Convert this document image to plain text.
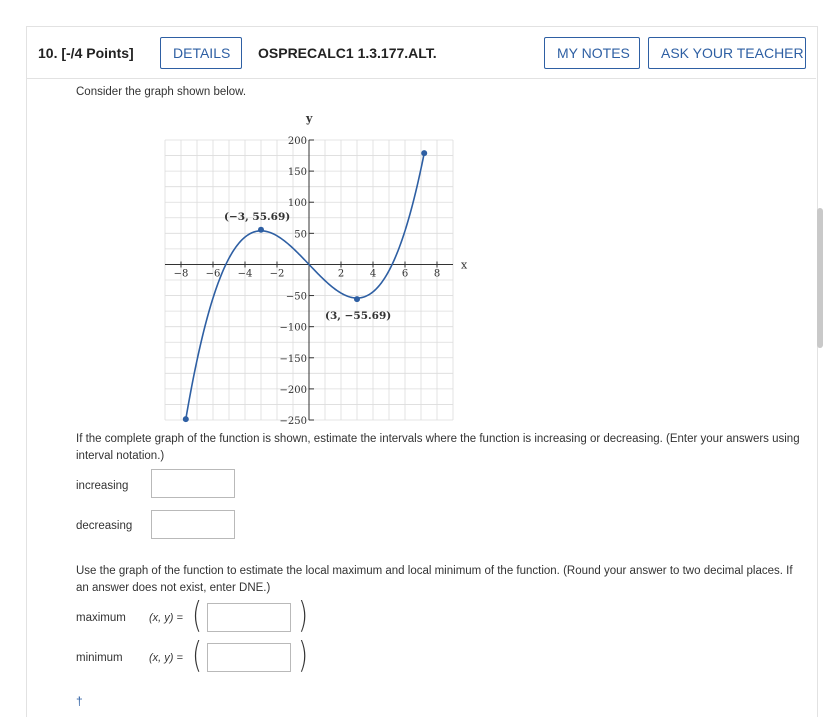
10. [-/4 Points]	DETAILS	OSPRECALC1 1.3.177.ALT.	MY NOTES	ASK YOUR TEACHER
Consider the graph shown below.
x
y
−8 −6 −4 −2	2	4	6	8
200
150
100
50
−50
−100
−150
−200
−250
(−3, 55.69)
(3, −55.69)
If the complete graph of the function is shown, estimate the intervals where the function is increasing or decreasing. (Enter your answers using interval notation.)
increasing
decreasing
Use the graph of the function to estimate the local maximum and local minimum of the function. (Round your answer to two decimal places. If an answer does not exist, enter DNE.)
maximum (x, y) = (	)
minimum (x, y) = (	)
†
